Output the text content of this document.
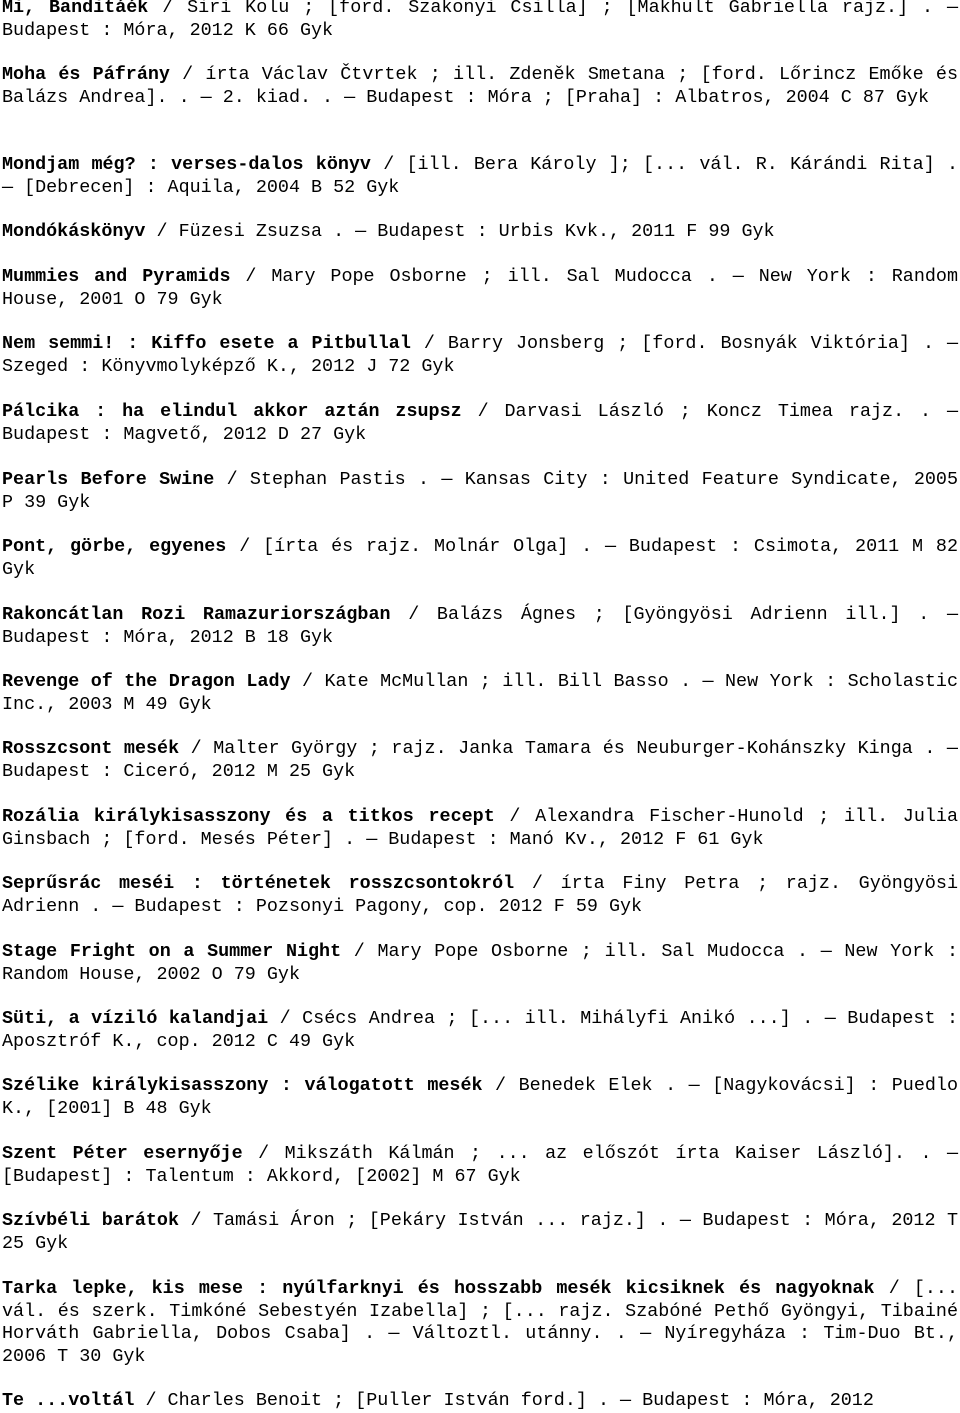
Mi, Banditáék / Siri Kolu ; [ford. Szakonyi Csilla] ; [Makhult Gabriella rajz.] . — Budapest : Móra, 2012 K 66 Gyk

Moha és Páfrány / írta Václav Čtvrtek ; ill. Zdeněk Smetana ; [ford. Lőrincz Emőke és Balázs Andrea]. . — 2. kiad. . — Budapest : Móra ; [Praha] : Albatros, 2004 C 87 Gyk

Mondjam még? : verses-dalos könyv / [ill. Bera Károly ]; [... vál. R. Kárándi Rita] . — [Debrecen] : Aquila, 2004 B 52 Gyk

Mondókáskönyv / Füzesi Zsuzsa . — Budapest : Urbis Kvk., 2011 F 99 Gyk

Mummies and Pyramids / Mary Pope Osborne ; ill. Sal Mudocca . — New York : Random House, 2001 O 79 Gyk

Nem semmi! : Kiffo esete a Pitbullal / Barry Jonsberg ; [ford. Bosnyák Viktória] . — Szeged : Könyvmolyképző K., 2012 J 72 Gyk

Pálcika : ha elindul akkor aztán zsupsz / Darvasi László ; Koncz Timea rajz. . — Budapest : Magvető, 2012 D 27 Gyk

Pearls Before Swine / Stephan Pastis . — Kansas City : United Feature Syndicate, 2005 P 39 Gyk

Pont, görbe, egyenes / [írta és rajz. Molnár Olga] . — Budapest : Csimota, 2011 M 82 Gyk

Rakoncátlan Rozi Ramazuriországban / Balázs Ágnes ; [Gyöngyösi Adrienn ill.] . — Budapest : Móra, 2012 B 18 Gyk

Revenge of the Dragon Lady / Kate McMullan ; ill. Bill Basso . — New York : Scholastic Inc., 2003 M 49 Gyk

Rosszcsont mesék / Malter György ; rajz. Janka Tamara és Neuburger-Kohánszky Kinga . — Budapest : Ciceró, 2012 M 25 Gyk

Rozália királykisasszony és a titkos recept / Alexandra Fischer-Hunold ; ill. Julia Ginsbach ; [ford. Mesés Péter] . — Budapest : Manó Kv., 2012 F 61 Gyk

Seprűsrác meséi : történetek rosszcsontokról / írta Finy Petra ; rajz. Gyöngyösi Adrienn . — Budapest : Pozsonyi Pagony, cop. 2012 F 59 Gyk

Stage Fright on a Summer Night / Mary Pope Osborne ; ill. Sal Mudocca . — New York : Random House, 2002 O 79 Gyk

Süti, a víziló kalandjai / Csécs Andrea ; [... ill. Mihályfi Anikó ...] . — Budapest : Aposztróf K., cop. 2012 C 49 Gyk

Szélike királykisasszony : válogatott mesék / Benedek Elek . — [Nagykovácsi] : Puedlo K., [2001] B 48 Gyk

Szent Péter esernyője / Mikszáth Kálmán ; ... az előszót írta Kaiser László]. . — [Budapest] : Talentum : Akkord, [2002] M 67 Gyk

Szívbéli barátok / Tamási Áron ; [Pekáry István ... rajz.] . — Budapest : Móra, 2012 T 25 Gyk

Tarka lepke, kis mese : nyúlfarknyi és hosszabb mesék kicsiknek és nagyoknak / [... vál. és szerk. Timkóné Sebestyén Izabella] ; [... rajz. Szabóné Pethő Gyöngyi, Tibainé Horváth Gabriella, Dobos Csaba] . — Változtl. utánny. . — Nyíregyháza : Tim-Duo Bt., 2006 T 30 Gyk

Te ...voltál / Charles Benoit ; [Puller István ford.] . — Budapest : Móra, 2012
